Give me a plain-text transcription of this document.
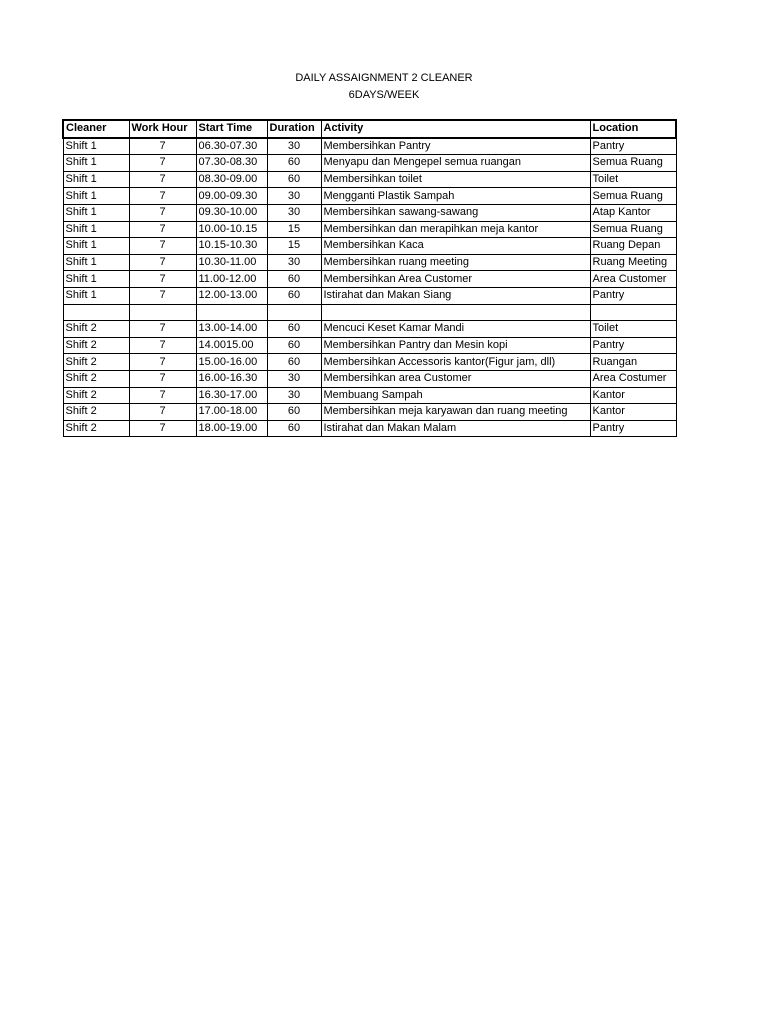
DAILY ASSAIGNMENT 2 CLEANER
6DAYS/WEEK
Cleaner	Work Hour	Start Time	Duration	Activity	Location
Shift 1	7	06.30-07.30	30	Membersihkan Pantry	Pantry
Shift 1	7	07.30-08.30	60	Menyapu dan Mengepel semua ruangan	Semua Ruang
Shift 1	7	08.30-09.00	60	Membersihkan toilet	Toilet
Shift 1	7	09.00-09.30	30	Mengganti Plastik Sampah	Semua Ruang
Shift 1	7	09.30-10.00	30	Membersihkan sawang-sawang	Atap Kantor
Shift 1	7	10.00-10.15	15	Membersihkan dan merapihkan meja kantor	Semua Ruang
Shift 1	7	10.15-10.30	15	Membersihkan Kaca	Ruang Depan
Shift 1	7	10.30-11.00	30	Membersihkan ruang meeting	Ruang Meeting
Shift 1	7	11.00-12.00	60	Membersihkan Area Customer	Area Customer
Shift 1	7	12.00-13.00	60	Istirahat dan Makan Siang	Pantry

Shift 2	7	13.00-14.00	60	Mencuci Keset Kamar Mandi	Toilet
Shift 2	7	14.0015.00	60	Membersihkan Pantry dan Mesin kopi	Pantry
Shift 2	7	15.00-16.00	60	Membersihkan Accessoris kantor(Figur jam, dll)	Ruangan
Shift 2	7	16.00-16.30	30	Membersihkan area Customer	Area Costumer
Shift 2	7	16.30-17.00	30	Membuang Sampah	Kantor
Shift 2	7	17.00-18.00	60	Membersihkan meja karyawan dan ruang meeting	Kantor
Shift 2	7	18.00-19.00	60	Istirahat dan Makan Malam	Pantry
